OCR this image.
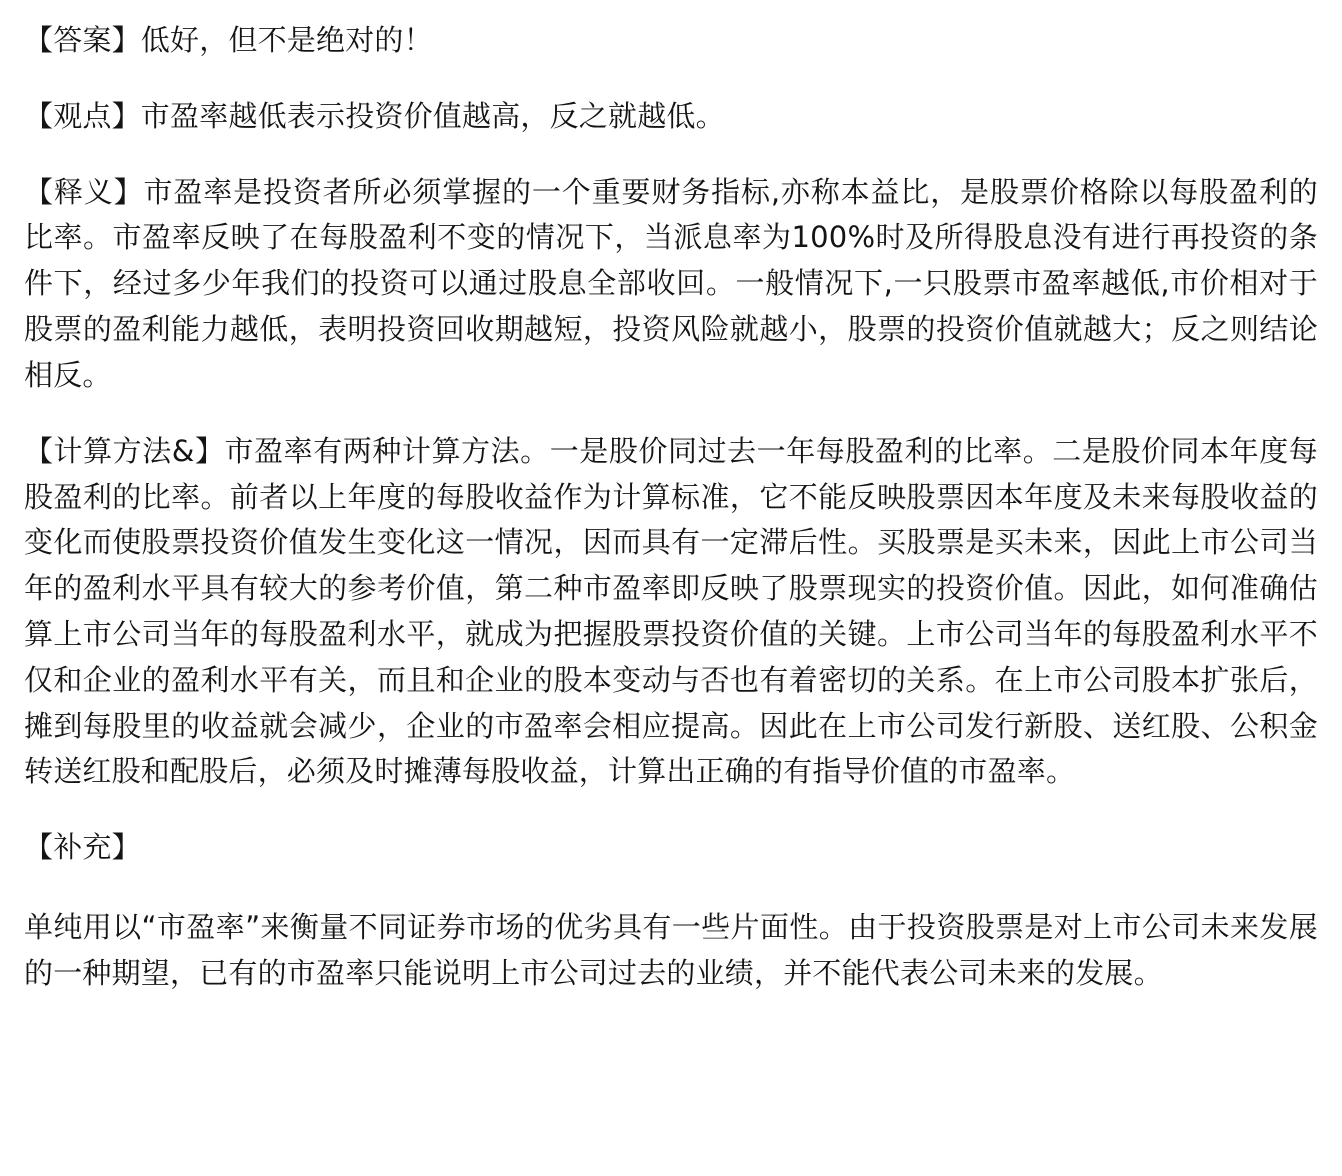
【答案】低好，但不是绝对的！

【观点】市盈率越低表示投资价值越高，反之就越低。

【释义】市盈率是投资者所必须掌握的一个重要财务指标,亦称本益比，是股票价格除以每股盈利的比率。市盈率反映了在每股盈利不变的情况下，当派息率为100%时及所得股息没有进行再投资的条件下，经过多少年我们的投资可以通过股息全部收回。一般情况下,一只股票市盈率越低,市价相对于股票的盈利能力越低，表明投资回收期越短，投资风险就越小，股票的投资价值就越大；反之则结论相反。

【计算方法&】市盈率有两种计算方法。一是股价同过去一年每股盈利的比率。二是股价同本年度每股盈利的比率。前者以上年度的每股收益作为计算标准，它不能反映股票因本年度及未来每股收益的变化而使股票投资价值发生变化这一情况，因而具有一定滞后性。买股票是买未来，因此上市公司当年的盈利水平具有较大的参考价值，第二种市盈率即反映了股票现实的投资价值。因此，如何准确估算上市公司当年的每股盈利水平，就成为把握股票投资价值的关键。上市公司当年的每股盈利水平不仅和企业的盈利水平有关，而且和企业的股本变动与否也有着密切的关系。在上市公司股本扩张后，摊到每股里的收益就会减少，企业的市盈率会相应提高。因此在上市公司发行新股、送红股、公积金转送红股和配股后，必须及时摊薄每股收益，计算出正确的有指导价值的市盈率。

【补充】

单纯用以“市盈率”来衡量不同证券市场的优劣具有一些片面性。由于投资股票是对上市公司未来发展的一种期望，已有的市盈率只能说明上市公司过去的业绩，并不能代表公司未来的发展。
